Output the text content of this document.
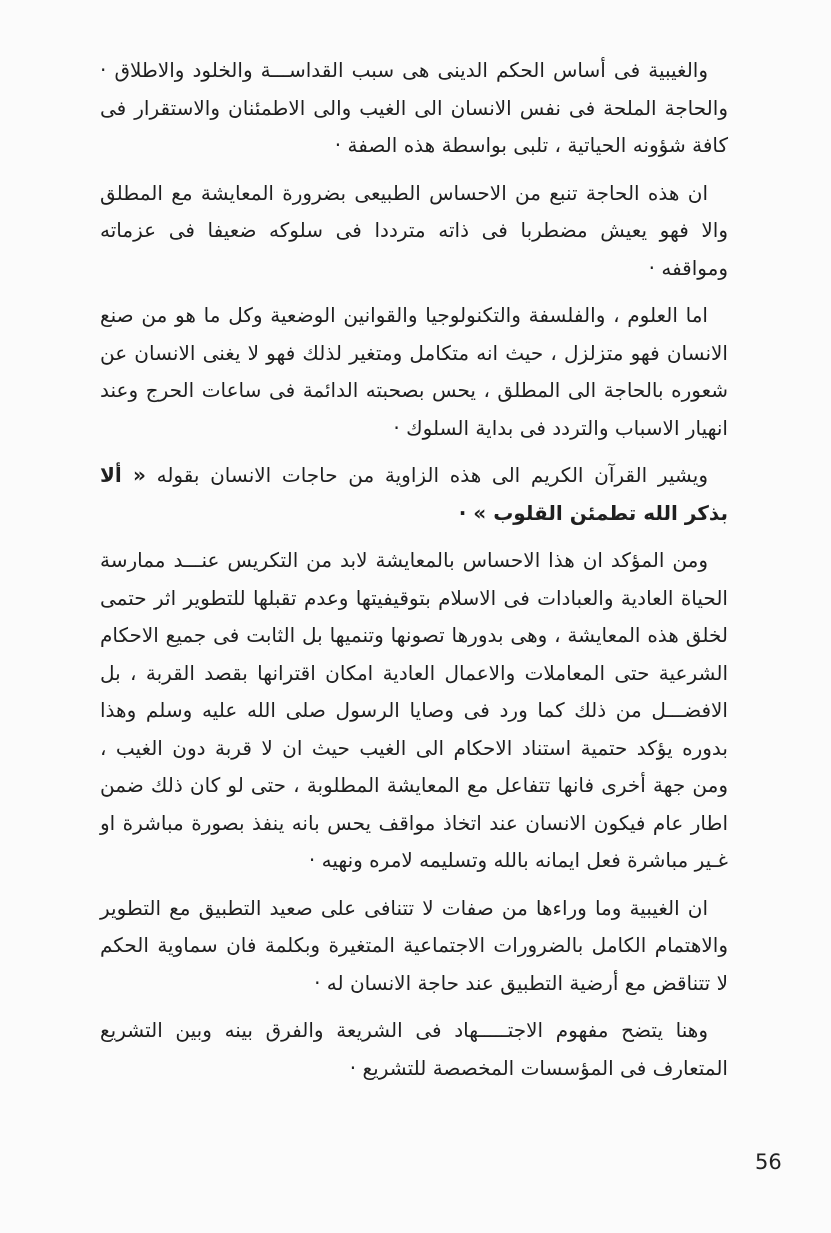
والغيبية فى أساس الحكم الدينى هى سبب القداســـة والخلود والاطلاق · والحاجة الملحة فى نفس الانسان الى الغيب والى الاطمئنان والاستقرار فى كافة شؤونه الحياتية ، تلبى بواسطة هذه الصفة ·

ان هذه الحاجة تنبع من الاحساس الطبيعى بضرورة المعايشة مع المطلق والا فهو يعيش مضطربا فى ذاته مترددا فى سلوكه ضعيفا فى عزماته ومواقفه ·

اما العلوم ، والفلسفة والتكنولوجيا والقوانين الوضعية وكل ما هو من صنع الانسان فهو متزلزل ، حيث انه متكامل ومتغير لذلك فهو لا يغنى الانسان عن شعوره بالحاجة الى المطلق ، يحس بصحبته الدائمة فى ساعات الحرج وعند انهيار الاسباب والتردد فى بداية السلوك ·

ويشير القرآن الكريم الى هذه الزاوية من حاجات الانسان بقوله « ألا بذكر الله تطمئن القلوب » ·

ومن المؤكد ان هذا الاحساس بالمعايشة لابد من التكريس عنـــد ممارسة الحياة العادية والعبادات فى الاسلام بتوقيفيتها وعدم تقبلها للتطوير اثر حتمى لخلق هذه المعايشة ، وهى بدورها تصونها وتنميها بل الثابت فى جميع الاحكام الشرعية حتى المعاملات والاعمال العادية امكان اقترانها بقصد القربة ، بل الافضـــل من ذلك كما ورد فى وصايا الرسول صلى الله عليه وسلم وهذا بدوره يؤكد حتمية استناد الاحكام الى الغيب حيث ان لا قربة دون الغيب ، ومن جهة أخرى فانها تتفاعل مع المعايشة المطلوبة ، حتى لو كان ذلك ضمن اطار عام فيكون الانسان عند اتخاذ مواقف يحس بانه ينفذ بصورة مباشرة او غـير مباشرة فعل ايمانه بالله وتسليمه لامره ونهيه ·

ان الغيبية وما وراءها من صفات لا تتنافى على صعيد التطبيق مع التطوير والاهتمام الكامل بالضرورات الاجتماعية المتغيرة وبكلمة فان سماوية الحكم لا تتناقض مع أرضية التطبيق عند حاجة الانسان له ·

وهنا يتضح مفهوم الاجتـــــهاد فى الشريعة والفرق بينه وبين التشريع المتعارف فى المؤسسات المخصصة للتشريع ·

56
